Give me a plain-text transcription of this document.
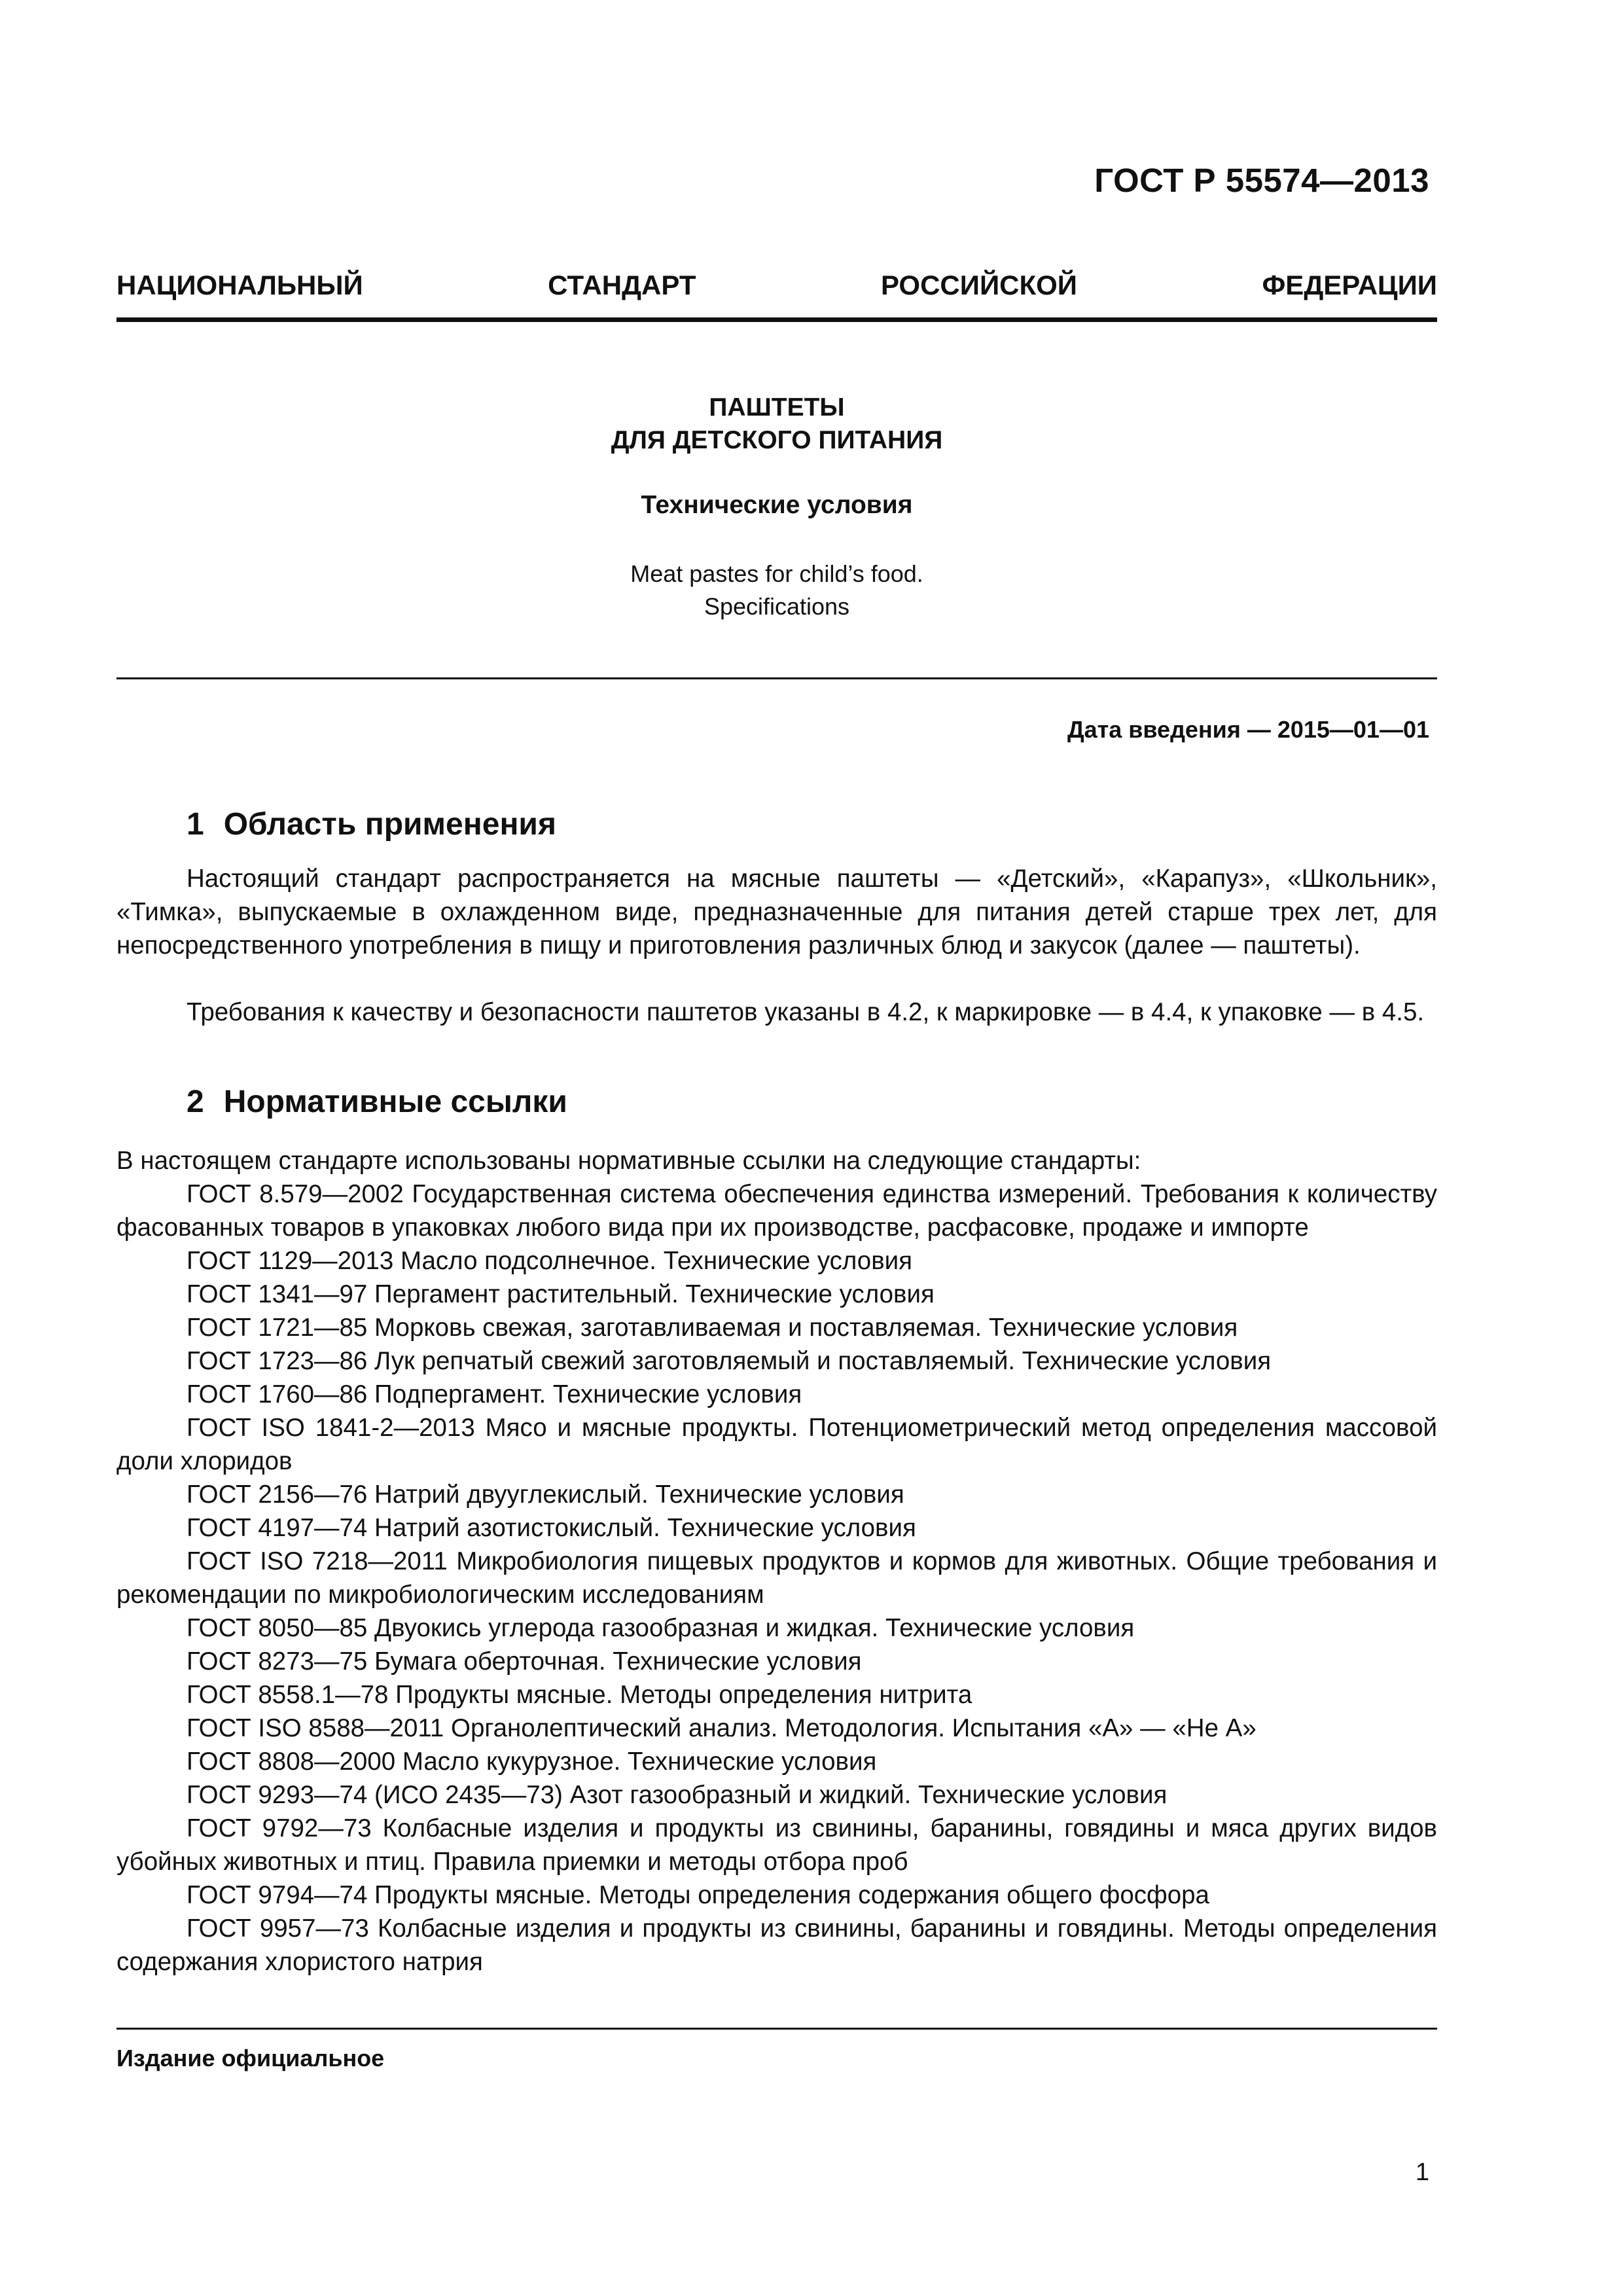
ГОСТ Р 55574—2013
НАЦИОНАЛЬНЫЙ	СТАНДАРТ	РОССИЙСКОЙ	ФЕДЕРАЦИИ
ПАШТЕТЫ
ДЛЯ ДЕТСКОГО ПИТАНИЯ
Технические условия
Meat pastes for child’s food.
Specifications
Дата введения — 2015—01—01
1 Область применения

Настоящий стандарт распространяется на мясные паштеты — «Детский», «Карапуз», «Школьник», «Тимка», выпускаемые в охлажденном виде, предназначенные для питания детей старше трех лет, для непосредственного употребления в пищу и приготовления различных блюд и закусок (далее — паштеты).

Требования к качеству и безопасности паштетов указаны в 4.2, к маркировке — в 4.4, к упаковке — в 4.5.

2 Нормативные ссылки

В настоящем стандарте использованы нормативные ссылки на следующие стандарты:

ГОСТ 8.579—2002 Государственная система обеспечения единства измерений. Требования к количеству фасованных товаров в упаковках любого вида при их производстве, расфасовке, продаже и импорте

ГОСТ 1129—2013 Масло подсолнечное. Технические условия

ГОСТ 1341—97 Пергамент растительный. Технические условия

ГОСТ 1721—85 Морковь свежая, заготавливаемая и поставляемая. Технические условия

ГОСТ 1723—86 Лук репчатый свежий заготовляемый и поставляемый. Технические условия

ГОСТ 1760—86 Подпергамент. Технические условия

ГОСТ ISO 1841-2—2013 Мясо и мясные продукты. Потенциометрический метод определения массовой доли хлоридов

ГОСТ 2156—76 Натрий двууглекислый. Технические условия

ГОСТ 4197—74 Натрий азотистокислый. Технические условия

ГОСТ ISO 7218—2011 Микробиология пищевых продуктов и кормов для животных. Общие требования и рекомендации по микробиологическим исследованиям

ГОСТ 8050—85 Двуокись углерода газообразная и жидкая. Технические условия

ГОСТ 8273—75 Бумага оберточная. Технические условия

ГОСТ 8558.1—78 Продукты мясные. Методы определения нитрита

ГОСТ ISO 8588—2011 Органолептический анализ. Методология. Испытания «А» — «Не А»

ГОСТ 8808—2000 Масло кукурузное. Технические условия

ГОСТ 9293—74 (ИСО 2435—73) Азот газообразный и жидкий. Технические условия

ГОСТ 9792—73 Колбасные изделия и продукты из свинины, баранины, говядины и мяса других видов убойных животных и птиц. Правила приемки и методы отбора проб

ГОСТ 9794—74 Продукты мясные. Методы определения содержания общего фосфора

ГОСТ 9957—73 Колбасные изделия и продукты из свинины, баранины и говядины. Методы определения содержания хлористого натрия

Издание официальное
1
